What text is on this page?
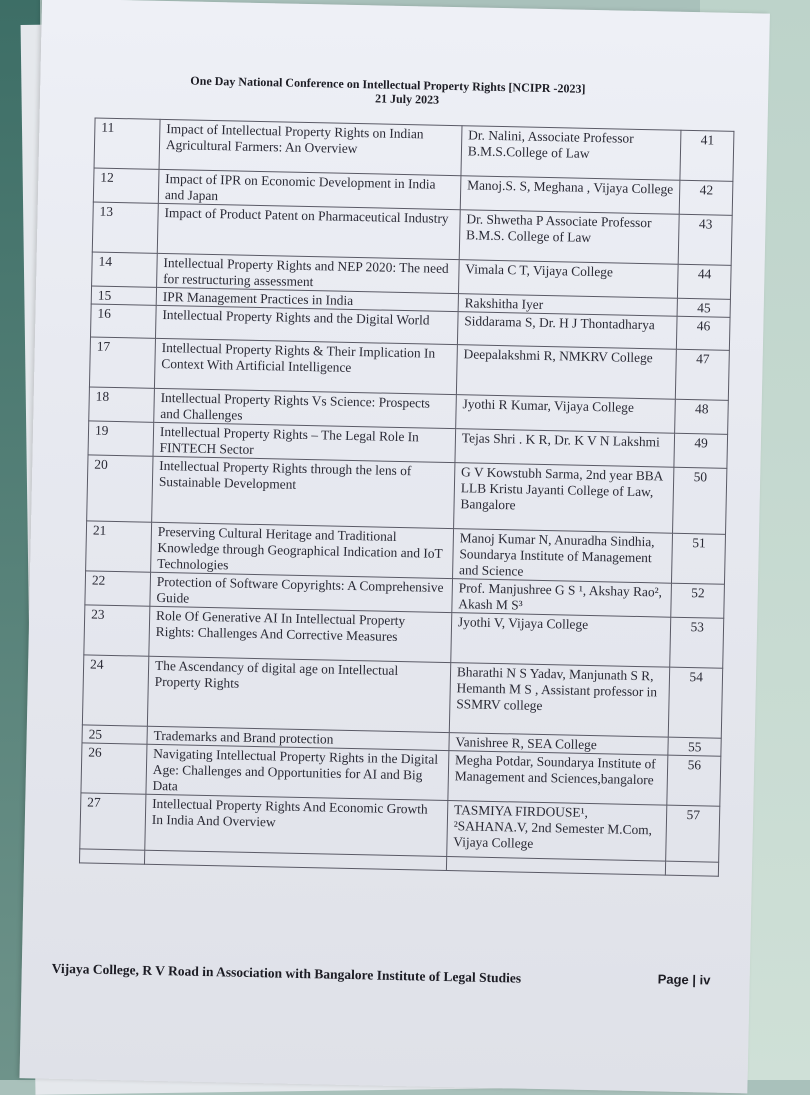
One Day National Conference on Intellectual Property Rights [NCIPR -2023]
21 July 2023
11	Impact of Intellectual Property Rights on Indian Agricultural Farmers: An Overview	Dr. Nalini, Associate Professor B.M.S.College of Law	41
12	Impact of IPR on Economic Development in India and Japan	Manoj.S. S, Meghana , Vijaya College	42
13	Impact of Product Patent on Pharmaceutical Industry	Dr. Shwetha P Associate Professor B.M.S. College of Law	43
14	Intellectual Property Rights and NEP 2020: The need for restructuring assessment	Vimala C T, Vijaya College	44
15	IPR Management Practices in India	Rakshitha Iyer	45
16	Intellectual Property Rights and the Digital World	Siddarama S, Dr. H J Thontadharya	46
17	Intellectual Property Rights & Their Implication In Context With Artificial Intelligence	Deepalakshmi R, NMKRV College	47
18	Intellectual Property Rights Vs Science: Prospects and Challenges	Jyothi R Kumar, Vijaya College	48
19	Intellectual Property Rights – The Legal Role In FINTECH Sector	Tejas Shri . K R, Dr. K V N Lakshmi	49
20	Intellectual Property Rights through the lens of Sustainable Development	G V Kowstubh Sarma, 2nd year BBA LLB Kristu Jayanti College of Law, Bangalore	50
21	Preserving Cultural Heritage and Traditional Knowledge through Geographical Indication and IoT Technologies	Manoj Kumar N, Anuradha Sindhia, Soundarya Institute of Management and Science	51
22	Protection of Software Copyrights: A Comprehensive Guide	Prof. Manjushree G S ¹, Akshay Rao², Akash M S³	52
23	Role Of Generative AI In Intellectual Property Rights: Challenges And Corrective Measures	Jyothi V, Vijaya College	53
24	The Ascendancy of digital age on Intellectual Property Rights	Bharathi N S Yadav, Manjunath S R, Hemanth M S , Assistant professor in SSMRV college	54
25	Trademarks and Brand protection	Vanishree R, SEA College	55
26	Navigating Intellectual Property Rights in the Digital Age: Challenges and Opportunities for AI and Big Data	Megha Potdar, Soundarya Institute of Management and Sciences,bangalore	56
27	Intellectual Property Rights And Economic Growth In India And Overview	TASMIYA FIRDOUSE¹, ²SAHANA.V, 2nd Semester M.Com, Vijaya College	57

Vijaya College, R V Road in Association with Bangalore Institute of Legal Studies	Page | iv
